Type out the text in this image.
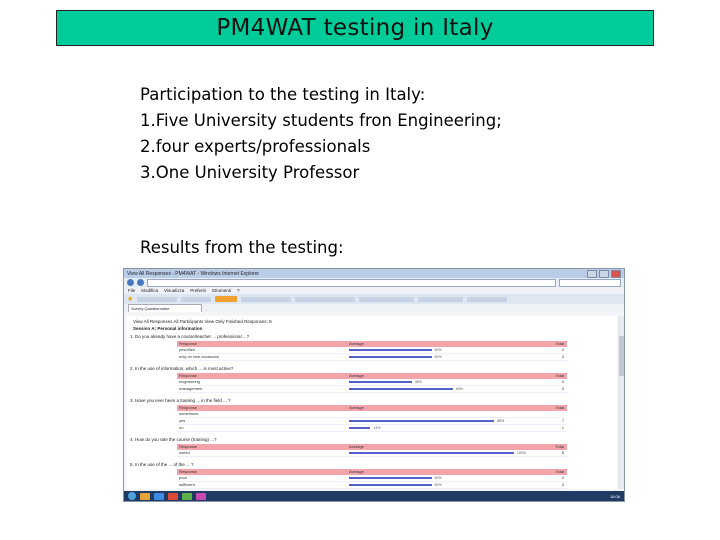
PM4WAT testing in Italy
Participation to the testing in Italy:
1.Five University students fron Engineering;
2.four experts/professionals
3.One University Professor
Results from the testing:
View All Responses - PM4WAT - Windows Internet Explorer
File Modifica Visualizza Preferiti Strumenti ?
★
Survey Questionnaire
View All Responses All Participants View Only Finished Responses: 8
Session A: Personal information
1. Do you already have a course/teacher ... professional ...?
Response	Average	Total
yes/often	50%	4
only on rare occasions	50%	4
2. In the use of information, which ... is most active?
Response	Average	Total
engineering	38%	3
management	63%	5
3. Have you ever been a training ... in the field ... ?
Response	Average	Total
sometimes
yes	88%	7
no	13%	1
4. How do you rate the course (training) ...?
Response	Average	Total
useful	100%	8
5. In the use of the ... of the ... ?
Response	Average	Total
poor	50%	4
sufficient	50%	4
18:06
